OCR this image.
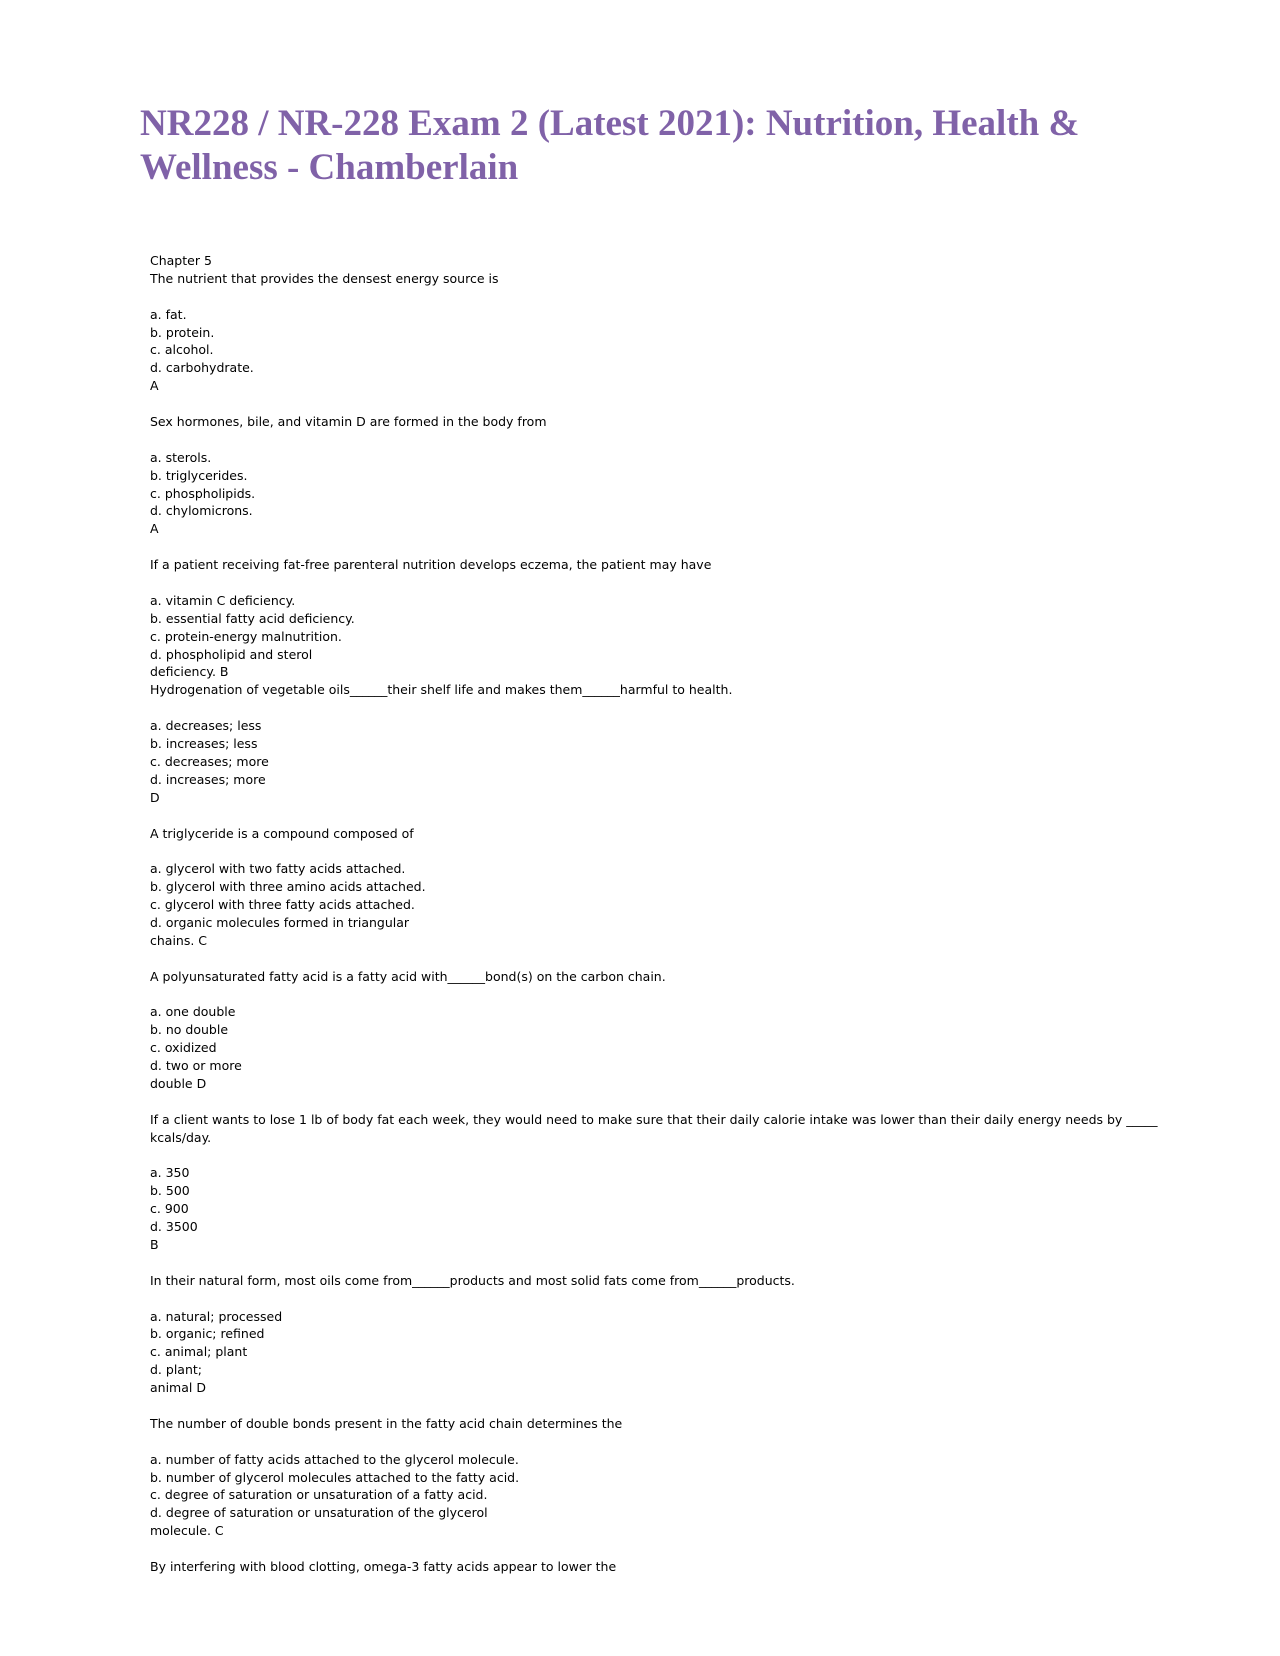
NR228 / NR-228 Exam 2 (Latest 2021): Nutrition, Health & Wellness - Chamberlain
Chapter 5
The nutrient that provides the densest energy source is
a. fat.
b. protein.
c. alcohol.
d. carbohydrate.
A
Sex hormones, bile, and vitamin D are formed in the body from
a. sterols.
b. triglycerides.
c. phospholipids.
d. chylomicrons.
A
If a patient receiving fat-free parenteral nutrition develops eczema, the patient may have
a. vitamin C deficiency.
b. essential fatty acid deficiency.
c. protein-energy malnutrition.
d. phospholipid and sterol
deficiency. B
Hydrogenation of vegetable oils______their shelf life and makes them______harmful to health.
a. decreases; less
b. increases; less
c. decreases; more
d. increases; more
D
A triglyceride is a compound composed of
a. glycerol with two fatty acids attached.
b. glycerol with three amino acids attached.
c. glycerol with three fatty acids attached.
d. organic molecules formed in triangular
chains. C
A polyunsaturated fatty acid is a fatty acid with______bond(s) on the carbon chain.
a. one double
b. no double
c. oxidized
d. two or more
double D
If a client wants to lose 1 lb of body fat each week, they would need to make sure that their daily calorie intake was lower than their daily energy needs by _____
kcals/day.
a. 350
b. 500
c. 900
d. 3500
B
In their natural form, most oils come from______products and most solid fats come from______products.
a. natural; processed
b. organic; refined
c. animal; plant
d. plant;
animal D
The number of double bonds present in the fatty acid chain determines the
a. number of fatty acids attached to the glycerol molecule.
b. number of glycerol molecules attached to the fatty acid.
c. degree of saturation or unsaturation of a fatty acid.
d. degree of saturation or unsaturation of the glycerol
molecule. C
By interfering with blood clotting, omega-3 fatty acids appear to lower the
